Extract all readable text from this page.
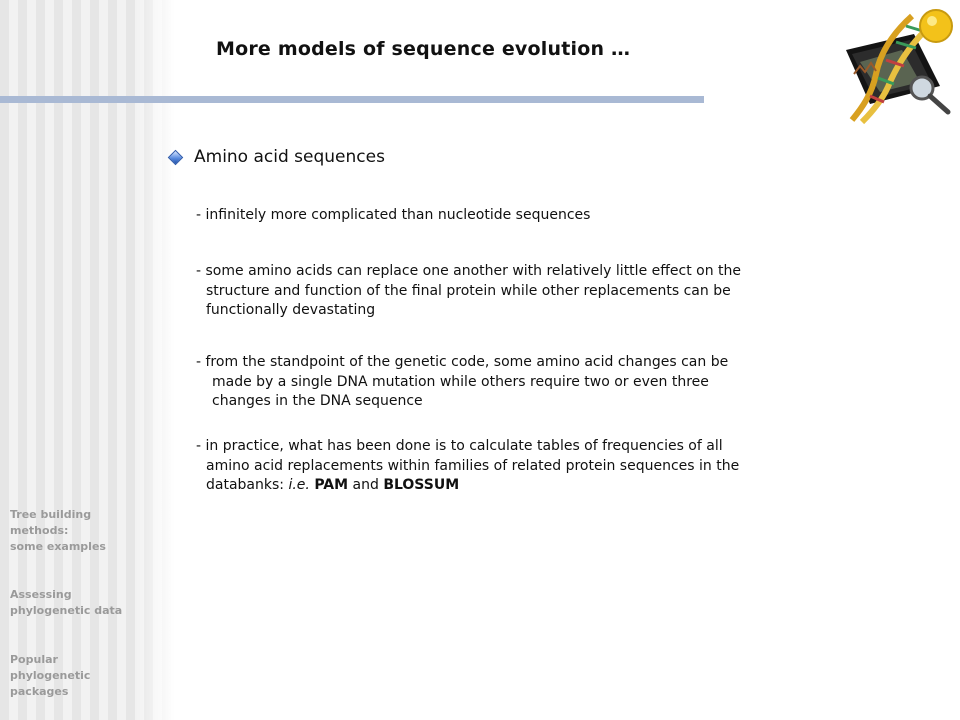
More models of sequence evolution …
Amino acid sequences

- infinitely more complicated than nucleotide sequences

- some amino acids can replace one another with relatively little effect on the
structure and function of the final protein while other replacements can be
functionally devastating

- from the standpoint of the genetic code, some amino acid changes can be
made by a single DNA mutation while others require two or even three
changes in the DNA sequence

- in practice, what has been done is to calculate tables of frequencies of all
amino acid replacements within families of related protein sequences in the
databanks: i.e. PAM and BLOSSUM

Tree building
methods:
some examples
Assessing
phylogenetic data
Popular
phylogenetic
packages
